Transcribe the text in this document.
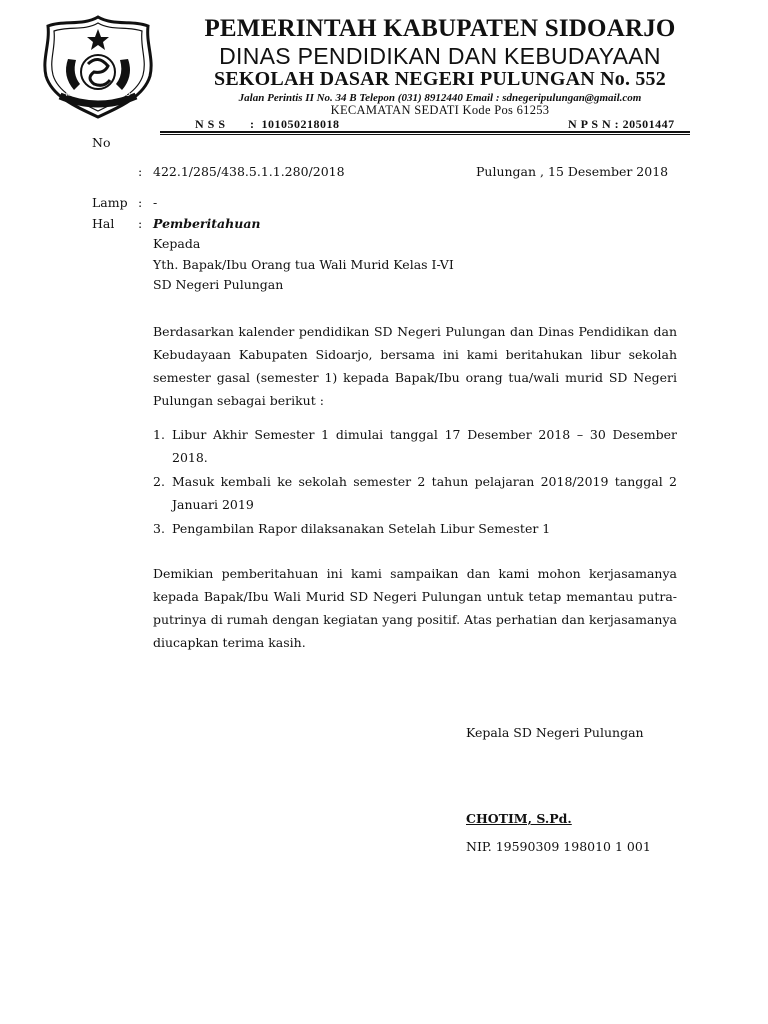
KABUPATEN SIDOARJO
PEMERINTAH KABUPATEN SIDOARJO
DINAS PENDIDIKAN DAN KEBUDAYAAN
SEKOLAH DASAR NEGERI PULUNGAN No. 552
Jalan Perintis II No. 34 B Telepon (031) 8912440 Email : sdnegeripulungan@gmail.com
KECAMATAN SEDATI Kode Pos 61253
N S S       :  101050218018	N P S N : 20501447
No
: 422.1/285/438.5.1.1.280/2018	Pulungan , 15 Desember 2018
Lamp : -
Hal : Pemberitahuan
Kepada
Yth. Bapak/Ibu Orang tua Wali Murid Kelas I-VI
SD Negeri Pulungan
Berdasarkan kalender pendidikan SD Negeri Pulungan dan Dinas Pendidikan dan Kebudayaan Kabupaten Sidoarjo, bersama ini kami beritahukan libur sekolah semester gasal (semester 1) kepada Bapak/Ibu orang tua/wali murid SD Negeri Pulungan sebagai berikut :
1. Libur Akhir Semester 1 dimulai tanggal 17 Desember 2018 – 30 Desember 2018.
2. Masuk kembali ke sekolah semester 2 tahun pelajaran 2018/2019 tanggal 2 Januari 2019
3. Pengambilan Rapor dilaksanakan Setelah Libur Semester 1
Demikian pemberitahuan ini kami sampaikan dan kami mohon kerjasamanya kepada Bapak/Ibu Wali Murid SD Negeri Pulungan untuk tetap memantau putra-putrinya di rumah dengan kegiatan yang positif. Atas perhatian dan kerjasamanya diucapkan terima kasih.
Kepala SD Negeri Pulungan
CHOTIM, S.Pd.
NIP. 19590309 198010 1 001
